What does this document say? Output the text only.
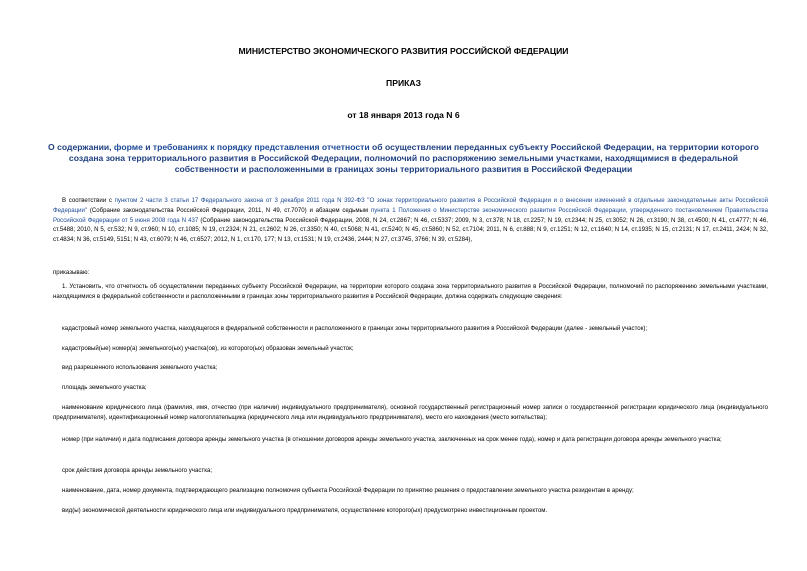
МИНИСТЕРСТВО ЭКОНОМИЧЕСКОГО РАЗВИТИЯ РОССИЙСКОЙ ФЕДЕРАЦИИ
ПРИКАЗ
от 18 января 2013 года N 6
О содержании, форме и требованиях к порядку представления отчетности об осуществлении переданных субъекту Российской Федерации, на территории которого создана зона территориального развития в Российской Федерации, полномочий по распоряжению земельными участками, находящимися в федеральной собственности и расположенными в границах зоны территориального развития в Российской Федерации
В соответствии с пунктом 2 части 3 статьи 17 Федерального закона от 3 декабря 2011 года N 392-ФЗ "О зонах территориального развития в Российской Федерации и о внесении изменений в отдельные законодательные акты Российской Федерации" (Собрание законодательства Российской Федерации, 2011, N 49, ст.7070) и абзацем седьмым пункта 1 Положения о Министерстве экономического развития Российской Федерации, утвержденного постановлением Правительства Российской Федерации от 5 июня 2008 года N 437 (Собрание законодательства Российской Федерации, 2008, N 24, ст.2867; N 46, ст.5337; 2009, N 3, ст.378; N 18, ст.2257; N 19, ст.2344; N 25, ст.3052; N 26, ст.3190; N 38, ст.4500; N 41, ст.4777; N 46, ст.5488; 2010, N 5, ст.532; N 9, ст.960; N 10, ст.1085; N 19, ст.2324; N 21, ст.2602; N 26, ст.3350; N 40, ст.5068; N 41, ст.5240; N 45, ст.5860; N 52, ст.7104; 2011, N 6, ст.888; N 9, ст.1251; N 12, ст.1640; N 14, ст.1935; N 15, ст.2131; N 17, ст.2411, 2424; N 32, ст.4834; N 36, ст.5149, 5151; N 43, ст.6079; N 46, ст.6527; 2012, N 1, ст.170, 177; N 13, ст.1531; N 19, ст.2436, 2444; N 27, ст.3745, 3766; N 39, ст.5284),
приказываю:
1. Установить, что отчетность об осуществлении переданных субъекту Российской Федерации, на территории которого создана зона территориального развития в Российской Федерации, полномочий по распоряжению земельными участками, находящимися в федеральной собственности и расположенными в границах зоны территориального развития в Российской Федерации, должна содержать следующие сведения:
кадастровый номер земельного участка, находящегося в федеральной собственности и расположенного в границах зоны территориального развития в Российской Федерации (далее - земельный участок);
кадастровый(ые) номер(а) земельного(ых) участка(ов), из которого(ых) образован земельный участок;
вид разрешенного использования земельного участка;
площадь земельного участка;
наименование юридического лица (фамилия, имя, отчество (при наличии) индивидуального предпринимателя), основной государственный регистрационный номер записи о государственной регистрации юридического лица (индивидуального предпринимателя), идентификационный номер налогоплательщика (юридического лица или индивидуального предпринимателя), место его нахождения (место жительства);
номер (при наличии) и дата подписания договора аренды земельного участка (в отношении договоров аренды земельного участка, заключенных на срок менее года), номер и дата регистрации договора аренды земельного участка;
срок действия договора аренды земельного участка;
наименование, дата, номер документа, подтверждающего реализацию полномочия субъекта Российской Федерации по принятию решения о предоставлении земельного участка резидентам в аренду;
вид(ы) экономической деятельности юридического лица или индивидуального предпринимателя, осуществление которого(ых) предусмотрено инвестиционным проектом.
